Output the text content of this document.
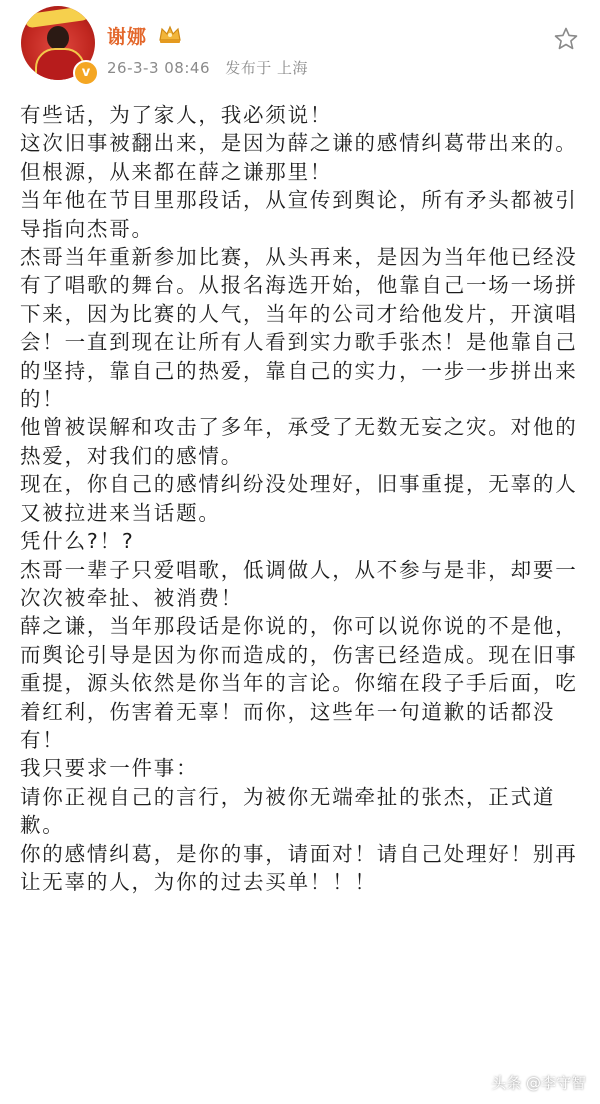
v
谢娜
26-3-3 08:46 发布于 上海

有些话，为了家人，我必须说！

这次旧事被翻出来，是因为薛之谦的感情纠葛带出来的。

但根源，从来都在薛之谦那里！

当年他在节目里那段话，从宣传到舆论，所有矛头都被引导指向杰哥。

杰哥当年重新参加比赛，从头再来，是因为当年他已经没有了唱歌的舞台。从报名海选开始，他靠自己一场一场拼下来，因为比赛的人气，当年的公司才给他发片，开演唱会！一直到现在让所有人看到实力歌手张杰！是他靠自己的坚持，靠自己的热爱，靠自己的实力，一步一步拼出来的！

他曾被误解和攻击了多年，承受了无数无妄之灾。对他的热爱，对我们的感情。

现在，你自己的感情纠纷没处理好，旧事重提，无辜的人又被拉进来当话题。

凭什么?！?

杰哥一辈子只爱唱歌，低调做人，从不参与是非，却要一次次被牵扯、被消费！

薛之谦，当年那段话是你说的，你可以说你说的不是他，而舆论引导是因为你而造成的，伤害已经造成。现在旧事重提，源头依然是你当年的言论。你缩在段子手后面，吃着红利，伤害着无辜！而你，这些年一句道歉的话都没有！

我只要求一件事：

请你正视自己的言行，为被你无端牵扯的张杰，正式道歉。

你的感情纠葛，是你的事，请面对！请自己处理好！别再让无辜的人，为你的过去买单！！！

头条 @李守智
